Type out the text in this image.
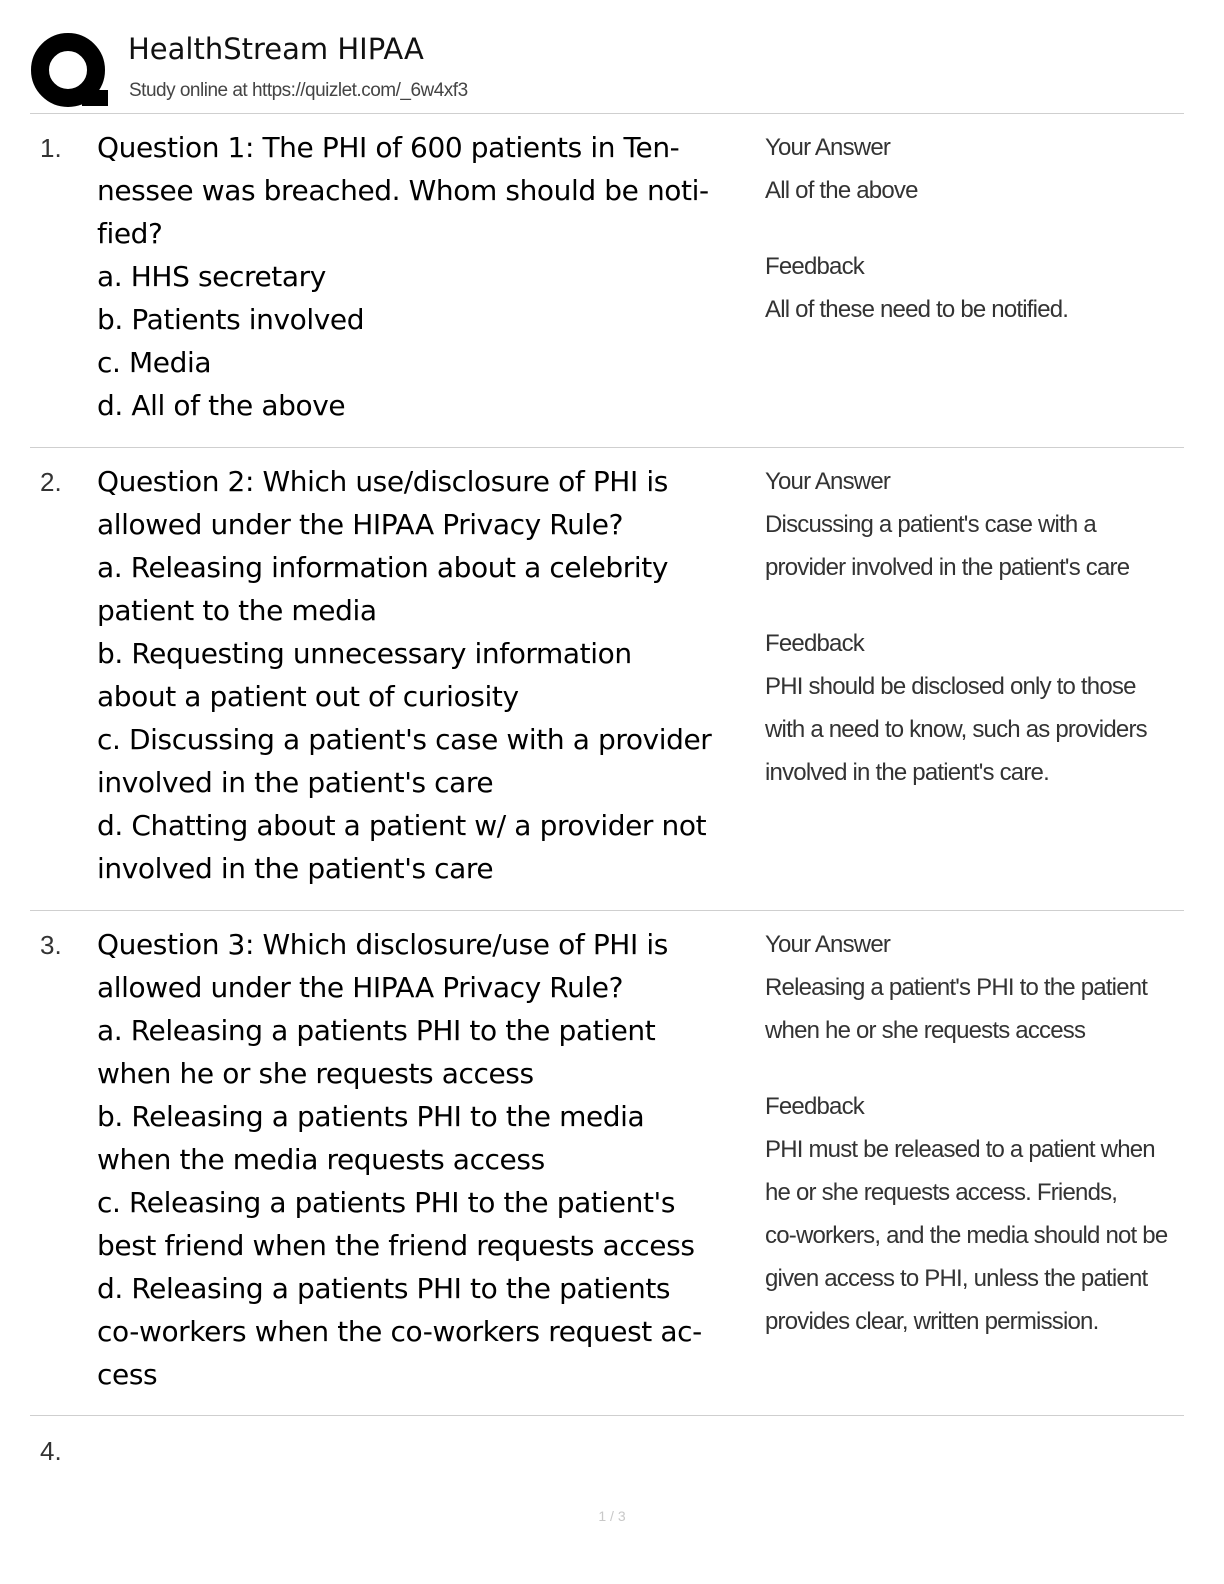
HealthStream HIPAA
Study online at https://quizlet.com/_6w4xf3
1. Question 1: The PHI of 600 patients in Ten-
nessee was breached. Whom should be noti-
fied?
a. HHS secretary
b. Patients involved
c. Media
d. All of the above
Your Answer
All of the above
Feedback
All of these need to be notified.
2. Question 2: Which use/disclosure of PHI is
allowed under the HIPAA Privacy Rule?
a. Releasing information about a celebrity
patient to the media
b. Requesting unnecessary information
about a patient out of curiosity
c. Discussing a patient's case with a provider
involved in the patient's care
d. Chatting about a patient w/ a provider not
involved in the patient's care
Your Answer
Discussing a patient's case with a
provider involved in the patient's care
Feedback
PHI should be disclosed only to those
with a need to know, such as providers
involved in the patient's care.
3. Question 3: Which disclosure/use of PHI is
allowed under the HIPAA Privacy Rule?
a. Releasing a patients PHI to the patient
when he or she requests access
b. Releasing a patients PHI to the media
when the media requests access
c. Releasing a patients PHI to the patient's
best friend when the friend requests access
d. Releasing a patients PHI to the patients
co-workers when the co-workers request ac-
cess
Your Answer
Releasing a patient's PHI to the patient
when he or she requests access
Feedback
PHI must be released to a patient when
he or she requests access. Friends,
co-workers, and the media should not be
given access to PHI, unless the patient
provides clear, written permission.
4.
1 / 3
